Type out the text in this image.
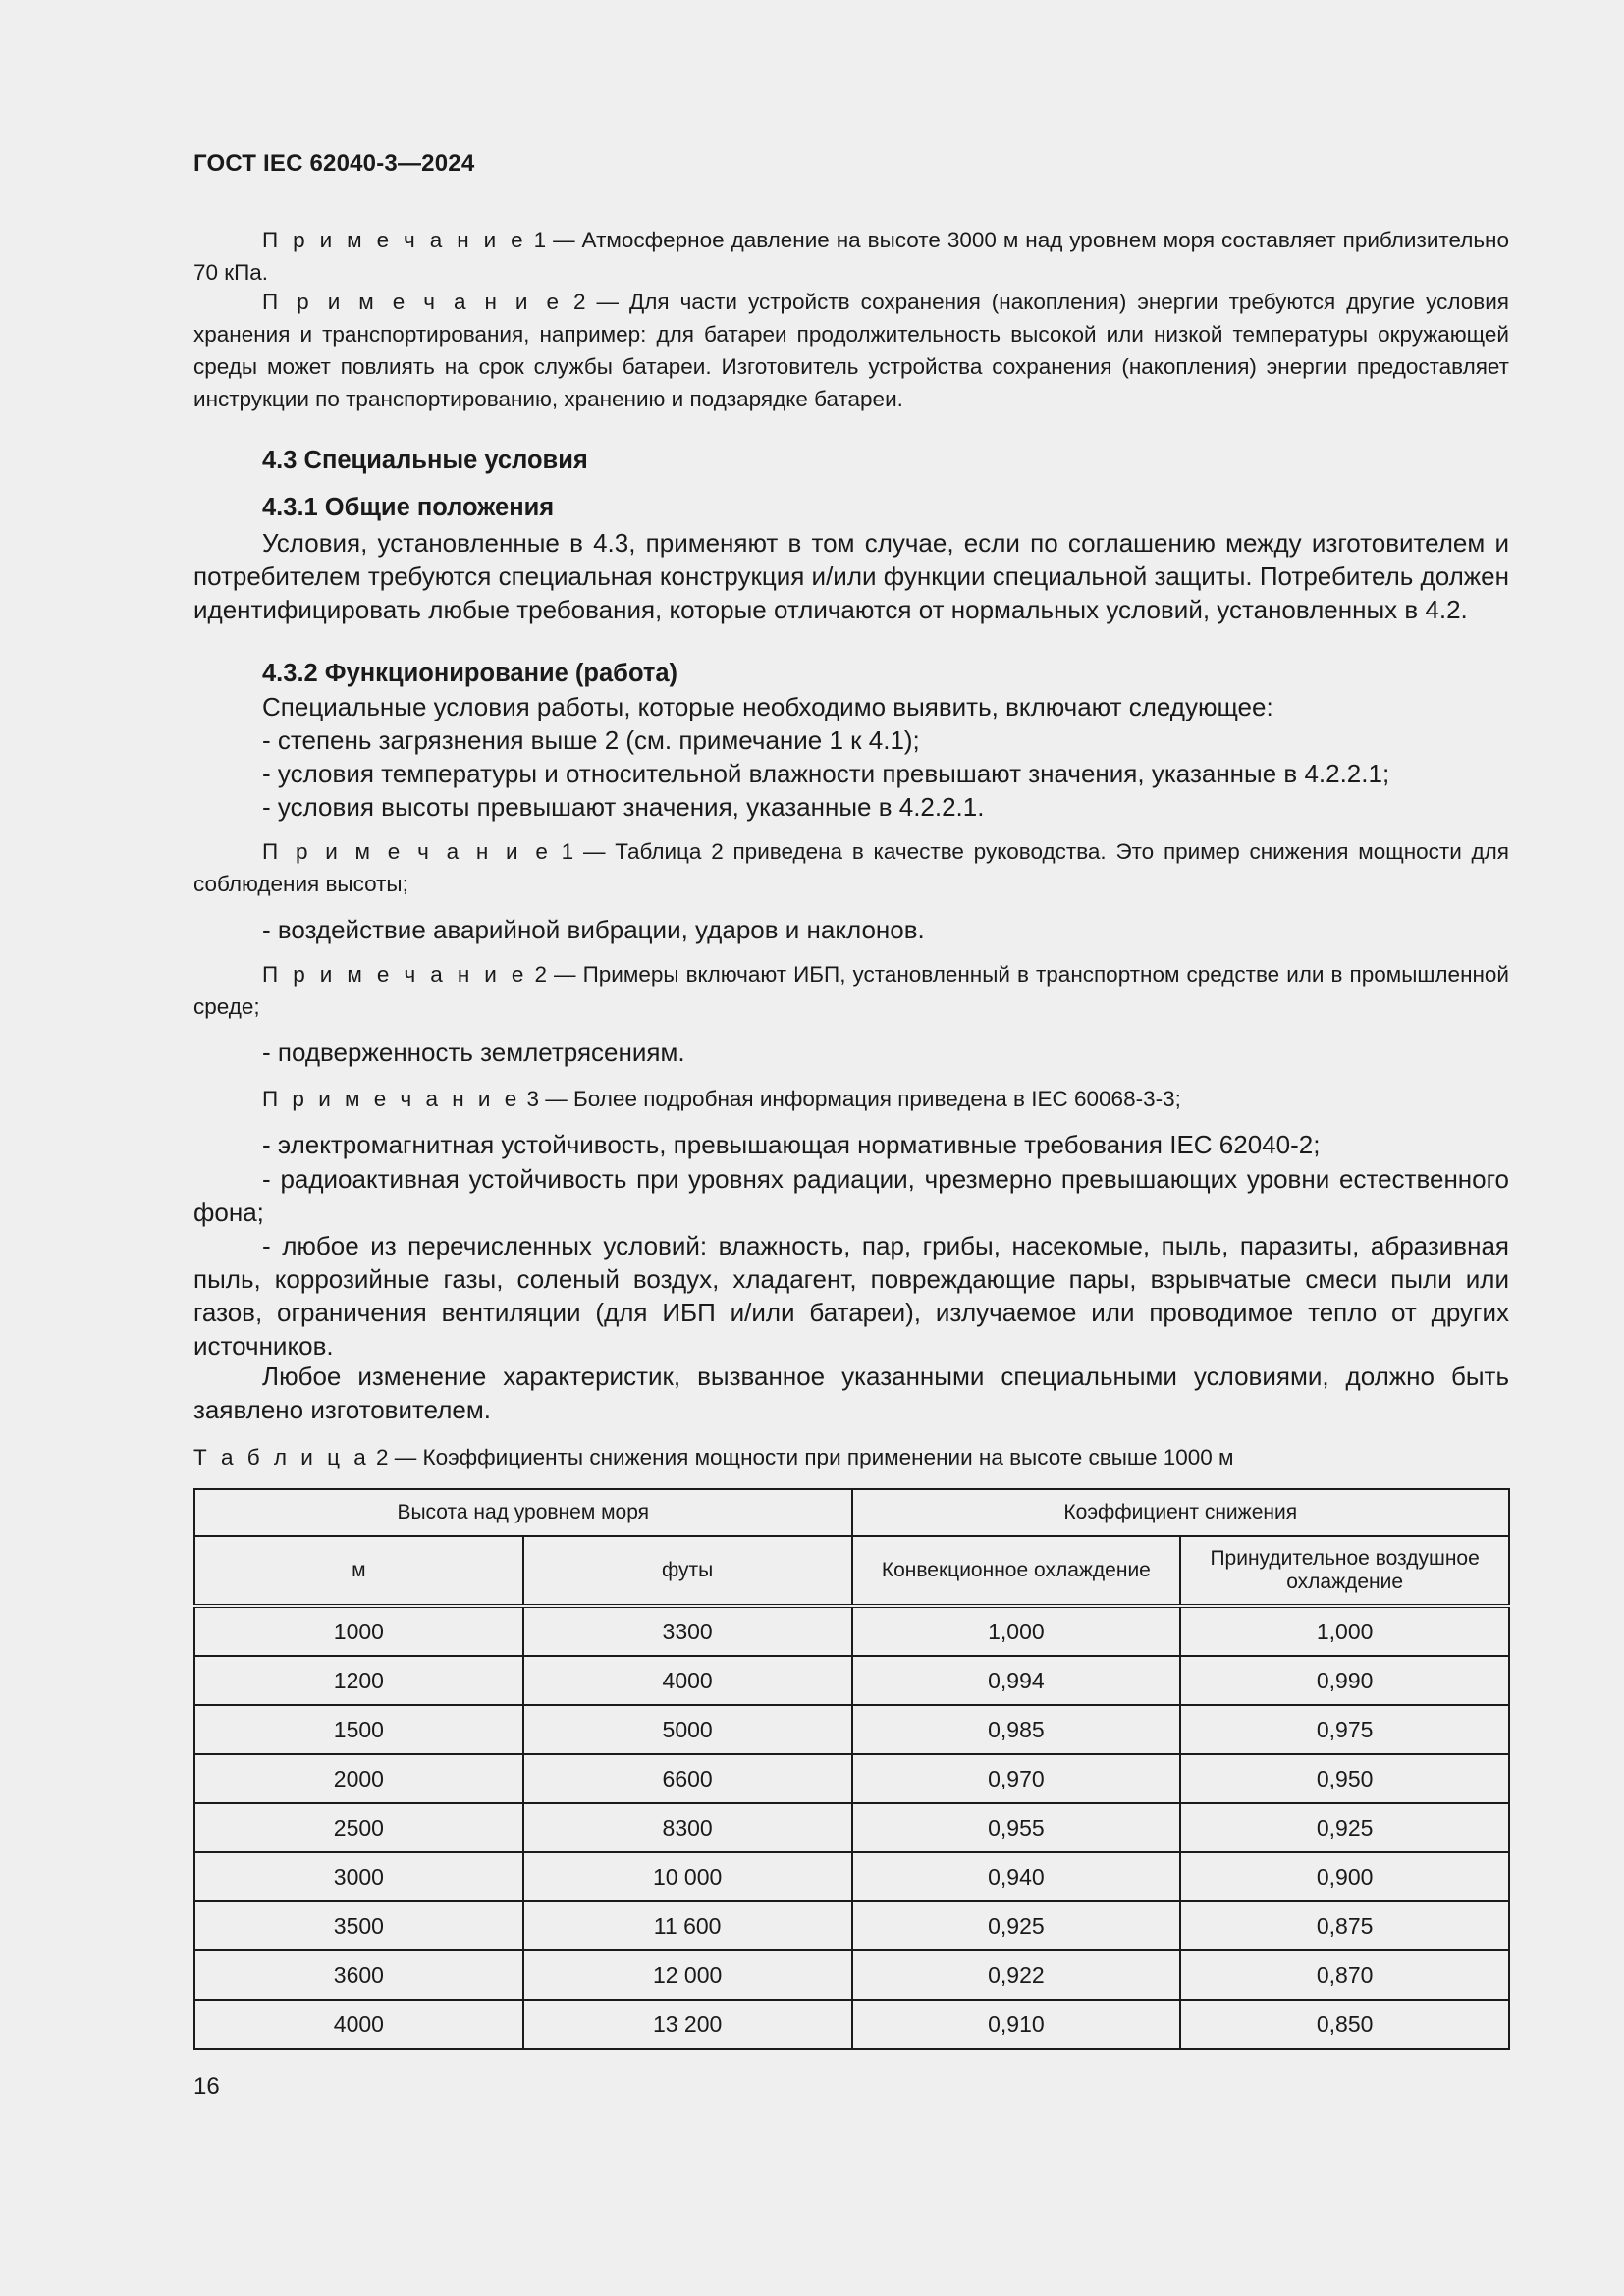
ГОСТ IEC 62040-3—2024
П р и м е ч а н и е 1 — Атмосферное давление на высоте 3000 м над уровнем моря составляет приблизительно 70 кПа.
П р и м е ч а н и е 2 — Для части устройств сохранения (накопления) энергии требуются другие условия хранения и транспортирования, например: для батареи продолжительность высокой или низкой температуры окружающей среды может повлиять на срок службы батареи. Изготовитель устройства сохранения (накопления) энергии предоставляет инструкции по транспортированию, хранению и подзарядке батареи.
4.3 Специальные условия
4.3.1 Общие положения
Условия, установленные в 4.3, применяют в том случае, если по соглашению между изготовителем и потребителем требуются специальная конструкция и/или функции специальной защиты. Потребитель должен идентифицировать любые требования, которые отличаются от нормальных условий, установленных в 4.2.
4.3.2 Функционирование (работа)
Специальные условия работы, которые необходимо выявить, включают следующее:
- степень загрязнения выше 2 (см. примечание 1 к 4.1);
- условия температуры и относительной влажности превышают значения, указанные в 4.2.2.1;
- условия высоты превышают значения, указанные в 4.2.2.1.
П р и м е ч а н и е 1 — Таблица 2 приведена в качестве руководства. Это пример снижения мощности для соблюдения высоты;
- воздействие аварийной вибрации, ударов и наклонов.
П р и м е ч а н и е 2 — Примеры включают ИБП, установленный в транспортном средстве или в промышленной среде;
- подверженность землетрясениям.
П р и м е ч а н и е 3 — Более подробная информация приведена в IEC 60068-3-3;
- электромагнитная устойчивость, превышающая нормативные требования IEC 62040-2;
- радиоактивная устойчивость при уровнях радиации, чрезмерно превышающих уровни естественного фона;
- любое из перечисленных условий: влажность, пар, грибы, насекомые, пыль, паразиты, абразивная пыль, коррозийные газы, соленый воздух, хладагент, повреждающие пары, взрывчатые смеси пыли или газов, ограничения вентиляции (для ИБП и/или батареи), излучаемое или проводимое тепло от других источников.
Любое изменение характеристик, вызванное указанными специальными условиями, должно быть заявлено изготовителем.
Т а б л и ц а 2 — Коэффициенты снижения мощности при применении на высоте свыше 1000 м
Высота над уровнем моря		Коэффициент снижения	
м	футы	Конвекционное охлаждение	Принудительное воздушное охлаждение
1000	3300	1,000	1,000
1200	4000	0,994	0,990
1500	5000	0,985	0,975
2000	6600	0,970	0,950
2500	8300	0,955	0,925
3000	10 000	0,940	0,900
3500	11 600	0,925	0,875
3600	12 000	0,922	0,870
4000	13 200	0,910	0,850
16
